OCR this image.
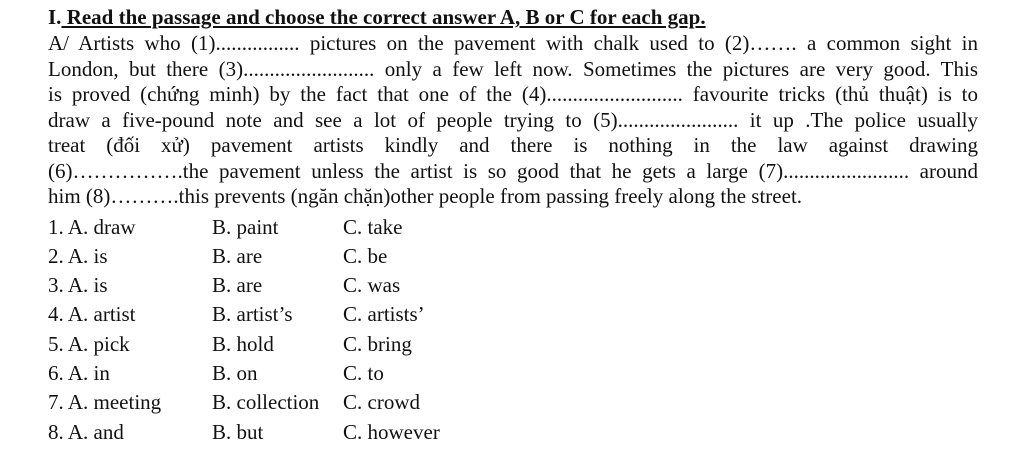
I. Read the passage and choose the correct answer A, B or C for each gap.
A/ Artists who (1)................ pictures on the pavement with chalk used to (2)……. a common sight in
London, but there (3)......................... only a few left now. Sometimes the pictures are very good. This
is proved (chứng minh) by the fact that one of the (4).......................... favourite tricks (thủ thuật) is to
draw a five-pound note and see a lot of people trying to (5)....................... it up .The police usually
treat (đối xử) pavement artists kindly and there is nothing in the law against drawing
(6)…………….the pavement unless the artist is so good that he gets a large (7)........................ around
him (8)……….this prevents (ngăn chặn)other people from passing freely along the street.
1. A. draw	B. paint	C. take
2. A. is	B. are	C. be
3. A. is	B. are	C. was
4. A. artist	B. artist’s	C. artists’
5. A. pick	B. hold	C. bring
6. A. in	B. on	C. to
7. A. meeting	B. collection	C. crowd
8. A. and	B. but	C. however
